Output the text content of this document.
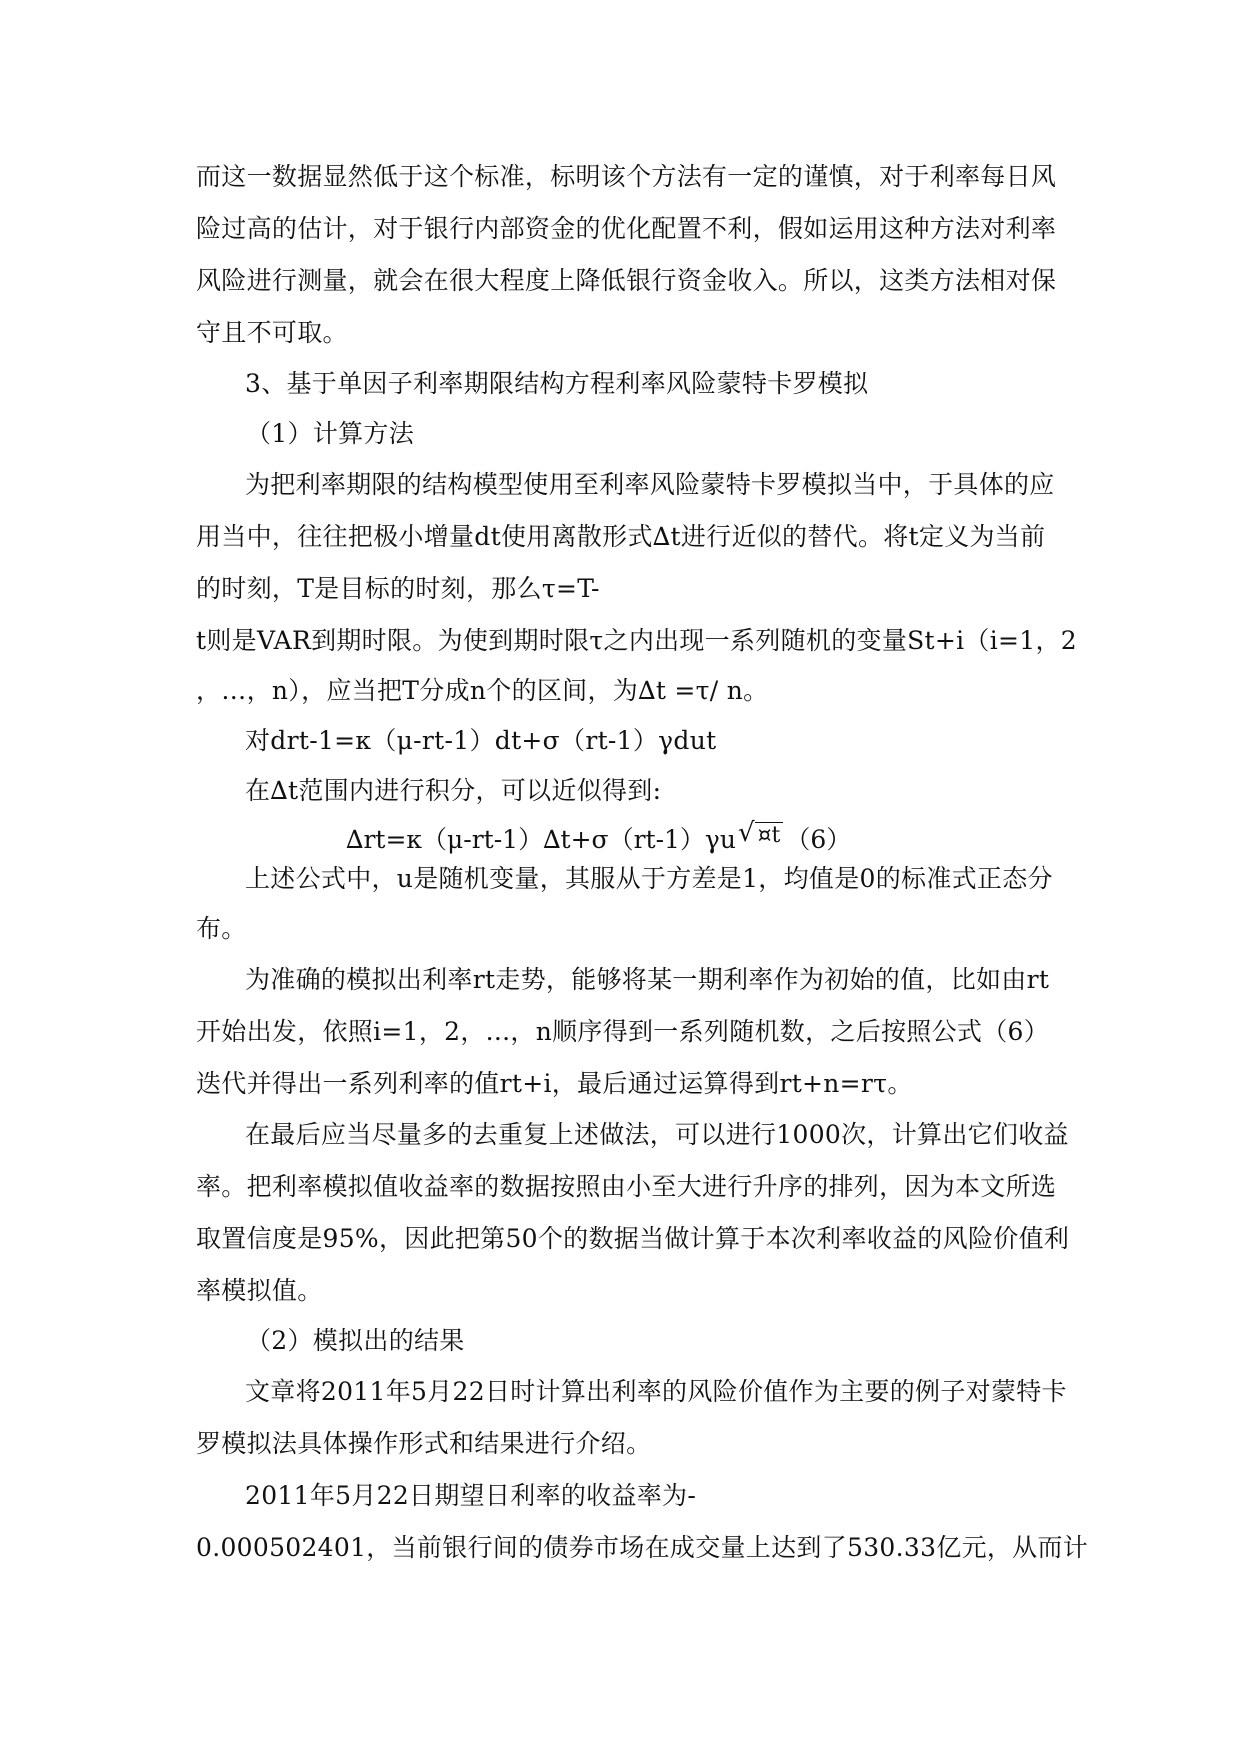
而这一数据显然低于这个标准，标明该个方法有一定的谨慎，对于利率每日风
险过高的估计，对于银行内部资金的优化配置不利，假如运用这种方法对利率
风险进行测量，就会在很大程度上降低银行资金收入。所以，这类方法相对保
守且不可取。
3、基于单因子利率期限结构方程利率风险蒙特卡罗模拟
（1）计算方法
为把利率期限的结构模型使用至利率风险蒙特卡罗模拟当中，于具体的应
用当中，往往把极小增量dt使用离散形式∆t进行近似的替代。将t定义为当前
的时刻，T是目标的时刻，那么τ=T-
t则是VAR到期时限。为使到期时限τ之内出现一系列随机的变量St+i（i=1，2
，…，n），应当把T分成n个的区间，为∆t =τ/ n。
对drt-1=κ（μ-rt-1）dt+σ（rt-1）γdut
在∆t范围内进行积分，可以近似得到:
∆rt=κ（μ-rt-1）∆t+σ（rt-1）γu √ ¤t （6）
上述公式中，u是随机变量，其服从于方差是1，均值是0的标准式正态分
布。
为准确的模拟出利率rt走势，能够将某一期利率作为初始的值，比如由rt
开始出发，依照i=1，2，...，n顺序得到一系列随机数，之后按照公式（6）
迭代并得出一系列利率的值rt+i，最后通过运算得到rt+n=rτ。
在最后应当尽量多的去重复上述做法，可以进行1000次，计算出它们收益
率。把利率模拟值收益率的数据按照由小至大进行升序的排列，因为本文所选
取置信度是95%，因此把第50个的数据当做计算于本次利率收益的风险价值利
率模拟值。
（2）模拟出的结果
文章将2011年5月22日时计算出利率的风险价值作为主要的例子对蒙特卡
罗模拟法具体操作形式和结果进行介绍。
2011年5月22日期望日利率的收益率为-
0.000502401，当前银行间的债券市场在成交量上达到了530.33亿元，从而计
